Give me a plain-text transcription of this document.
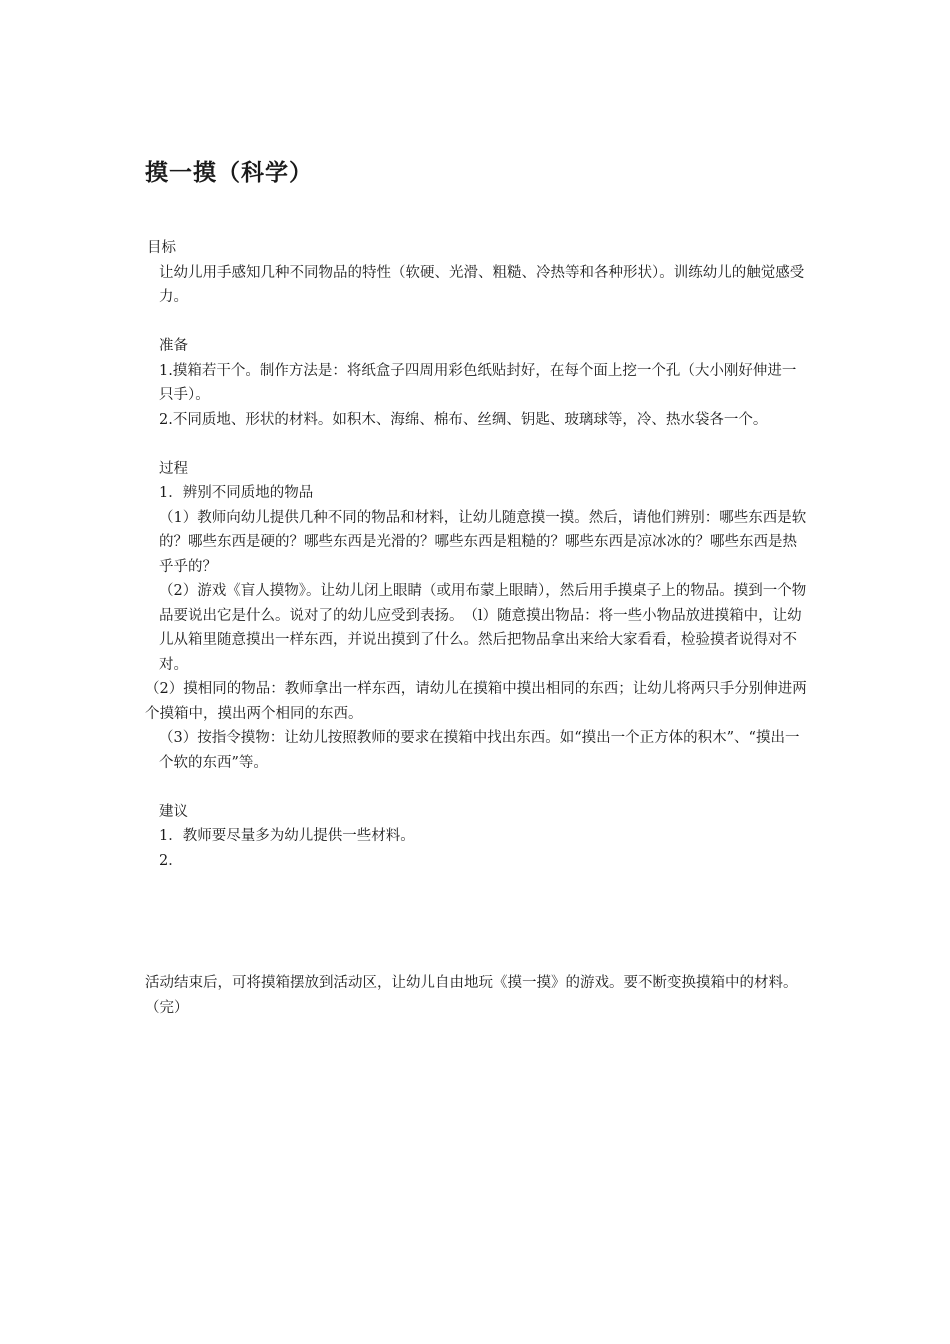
摸一摸（科学）

目标

让幼儿用手感知几种不同物品的特性（软硬、光滑、粗糙、冷热等和各种形状）。训练幼儿的触觉感受力。

准备

1.摸箱若干个。制作方法是：将纸盒子四周用彩色纸贴封好，在每个面上挖一个孔（大小刚好伸进一只手）。

2.不同质地、形状的材料。如积木、海绵、棉布、丝绸、钥匙、玻璃球等，冷、热水袋各一个。

过程

1．辨别不同质地的物品

（1）教师向幼儿提供几种不同的物品和材料，让幼儿随意摸一摸。然后，请他们辨别：哪些东西是软的？哪些东西是硬的？哪些东西是光滑的？哪些东西是粗糙的？哪些东西是凉冰冰的？哪些东西是热乎乎的？

（2）游戏《盲人摸物》。让幼儿闭上眼睛（或用布蒙上眼睛），然后用手摸桌子上的物品。摸到一个物品要说出它是什么。说对了的幼儿应受到表扬。　（l）随意摸出物品：将一些小物品放进摸箱中，让幼儿从箱里随意摸出一样东西，并说出摸到了什么。然后把物品拿出来给大家看看，检验摸者说得对不对。

（2）摸相同的物品：教师拿出一样东西，请幼儿在摸箱中摸出相同的东西；让幼儿将两只手分别伸进两个摸箱中，摸出两个相同的东西。

（3）按指令摸物：让幼儿按照教师的要求在摸箱中找出东西。如“摸出一个正方体的积木”、“摸出一个软的东西”等。

建议

1．教师要尽量多为幼儿提供一些材料。

2．

活动结束后，可将摸箱摆放到活动区，让幼儿自由地玩《摸一摸》的游戏。要不断变换摸箱中的材料。（完）
